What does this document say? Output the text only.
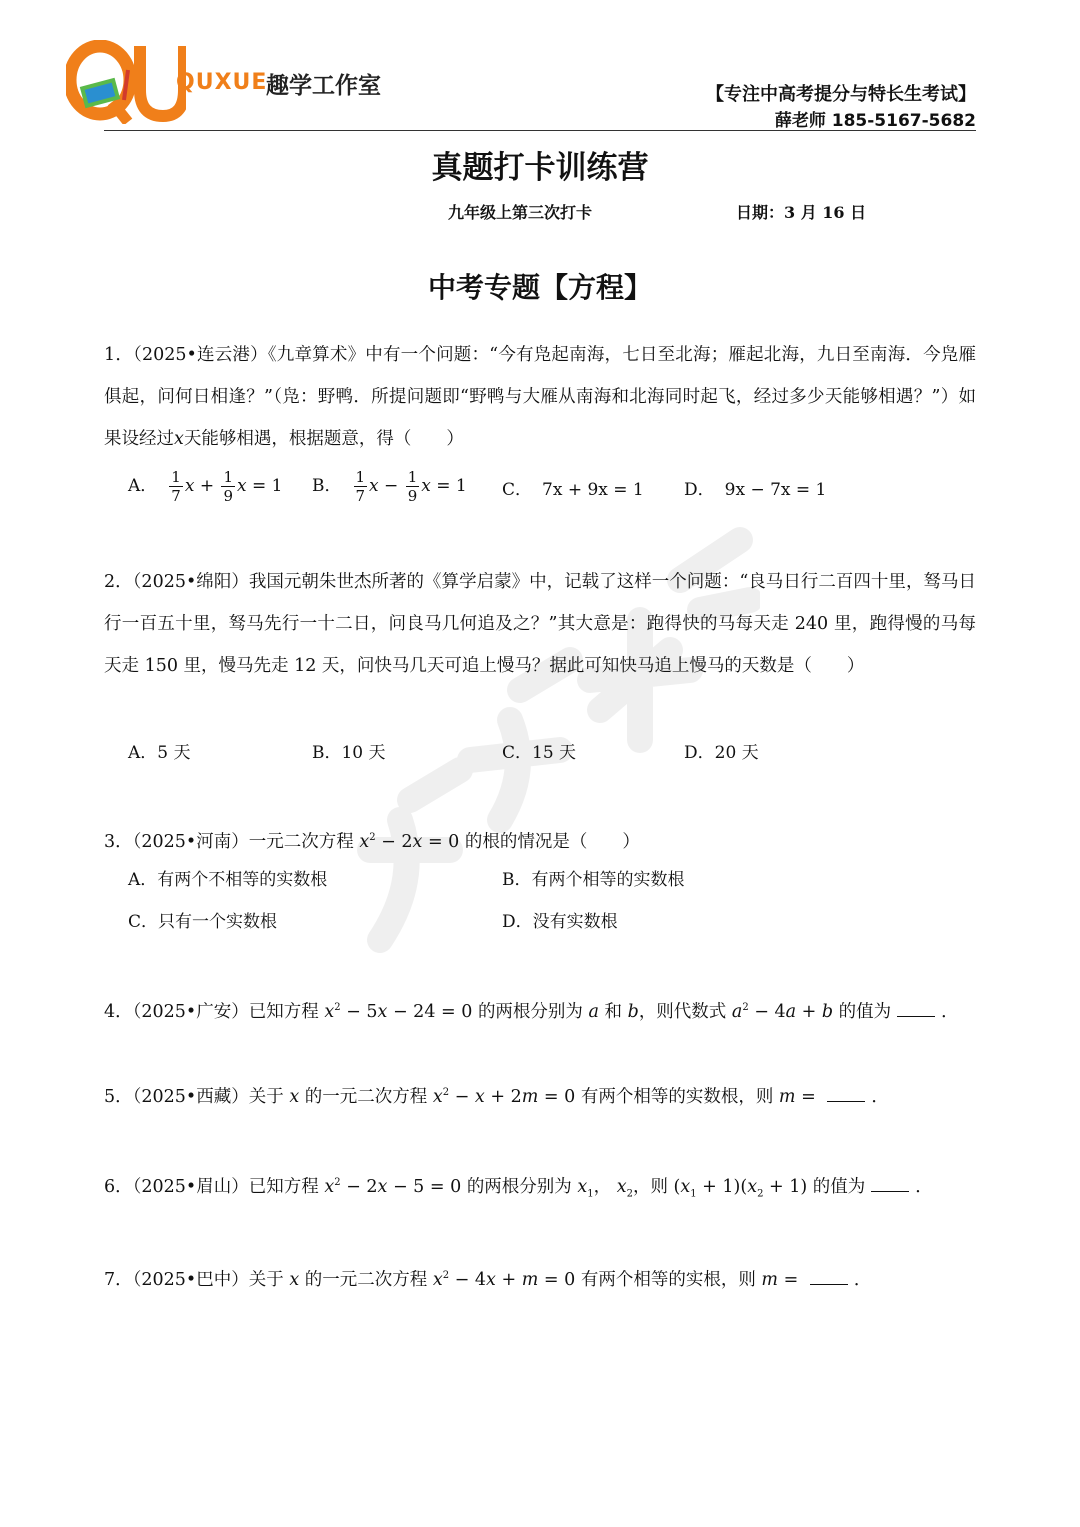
QUXUE
趣学工作室	【专注中高考提分与特长生考试】
薛老师 185-5167-5682
真题打卡训练营
九年级上第三次打卡	日期：3 月 16 日
中考专题【方程】
1．（2025•连云港）《九章算术》中有一个问题：“今有凫起南海，七日至北海；雁起北海，九日至南海．今凫雁俱起，问何日相逢？”（凫：野鸭．所提问题即“野鸭与大雁从南海和北海同时起飞，经过多少天能够相遇？”）如果设经过x天能够相遇，根据题意，得（　　）
A． $\frac{1}{7}$ $x + \frac{1}{9}$ x = 1 B． $\frac{1}{7}$ $x - \frac{1}{9}$ x = 1 C． 7x + 9x = 1 D． 9x − 7x = 1
2．（2025•绵阳）我国元朝朱世杰所著的《算学启蒙》中，记载了这样一个问题：“良马日行二百四十里，驽马日行一百五十里，驽马先行一十二日，问良马几何追及之？”其大意是：跑得快的马每天走 240 里，跑得慢的马每天走 150 里，慢马先走 12 天，问快马几天可追上慢马？据此可知快马追上慢马的天数是（　　）
A．5 天	B．10 天	C．15 天	D．20 天
3．（2025•河南）一元二次方程 $x^2 - 2x = 0$ 的根的情况是（　　）
A．有两个不相等的实数根	B．有两个相等的实数根
C．只有一个实数根	D．没有实数根
4．（2025•广安）已知方程 $x^2 - 5x - 24 = 0$ 的两根分别为 a 和 b，则代数式 $a^2 - 4a + b$ 的值为	．
5．（2025•西藏）关于 x 的一元二次方程 $x^2 - x + 2m = 0$ 有两个相等的实数根，则 m =	．
6．（2025•眉山）已知方程 $x^2 - 2x - 5 = 0$ 的两根分别为 $x_1$， $x_2$，则 $(x_1 + 1)(x_2 + 1)$ 的值为	．
7．（2025•巴中）关于 x 的一元二次方程 $x^2 - 4x + m = 0$ 有两个相等的实根，则 m =	．
